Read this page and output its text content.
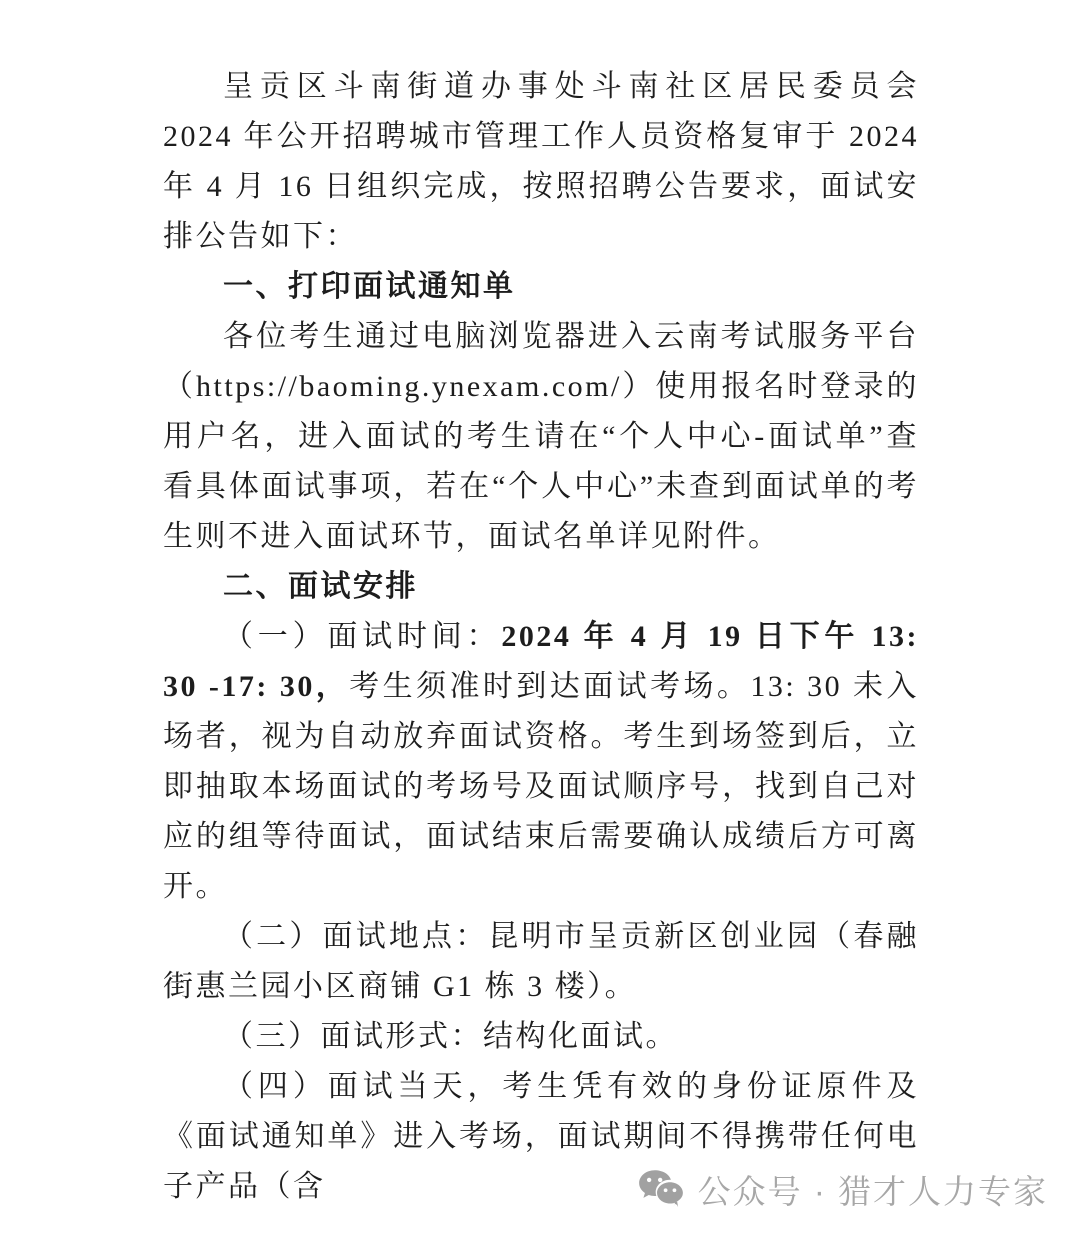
呈贡区斗南街道办事处斗南社区居民委员会 2024 年公开招聘城市管理工作人员资格复审于 2024 年 4 月 16 日组织完成，按照招聘公告要求，面试安排公告如下：

一、打印面试通知单

各位考生通过电脑浏览器进入云南考试服务平台（https://baoming.ynexam.com/）使用报名时登录的用户名，进入面试的考生请在“个人中心-面试单”查看具体面试事项，若在“个人中心”未查到面试单的考生则不进入面试环节，面试名单详见附件。

二、面试安排

（一）面试时间：2024 年 4 月 19 日下午 13: 30 -17: 30，考生须准时到达面试考场。13: 30 未入场者，视为自动放弃面试资格。考生到场签到后，立即抽取本场面试的考场号及面试顺序号，找到自己对应的组等待面试，面试结束后需要确认成绩后方可离开。

（二）面试地点：昆明市呈贡新区创业园（春融街惠兰园小区商铺 G1 栋 3 楼）。

（三）面试形式：结构化面试。

（四）面试当天，考生凭有效的身份证原件及《面试通知单》进入考场，面试期间不得携带任何电子产品（含	公众号 · 猎才人力专家
